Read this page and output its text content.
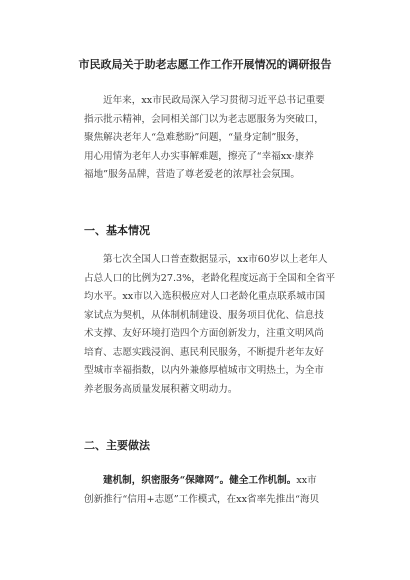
市民政局关于助老志愿工作工作开展情况的调研报告
近年来，xx市民政局深入学习贯彻习近平总书记重要
指示批示精神，会同相关部门以为老志愿服务为突破口，
聚焦解决老年人“急难愁盼”问题，“量身定制”服务，
用心用情为老年人办实事解难题，擦亮了“幸福xx·康养
福地”服务品牌，营造了尊老爱老的浓厚社会氛围。
一、基本情况
第七次全国人口普查数据显示，xx市60岁以上老年人
占总人口的比例为27.3%，老龄化程度远高于全国和全省平
均水平。xx市以入选积极应对人口老龄化重点联系城市国
家试点为契机，从体制机制建设、服务项目优化、信息技
术支撑、友好环境打造四个方面创新发力，注重文明风尚
培育、志愿实践浸润、惠民利民服务，不断提升老年友好
型城市幸福指数，以内外兼修厚植城市文明热土，为全市
养老服务高质量发展积蓄文明动力。
二、主要做法
建机制，织密服务“保障网”。健全工作机制。xx市
创新推行“信用+志愿”工作模式，在xx省率先推出“海贝
